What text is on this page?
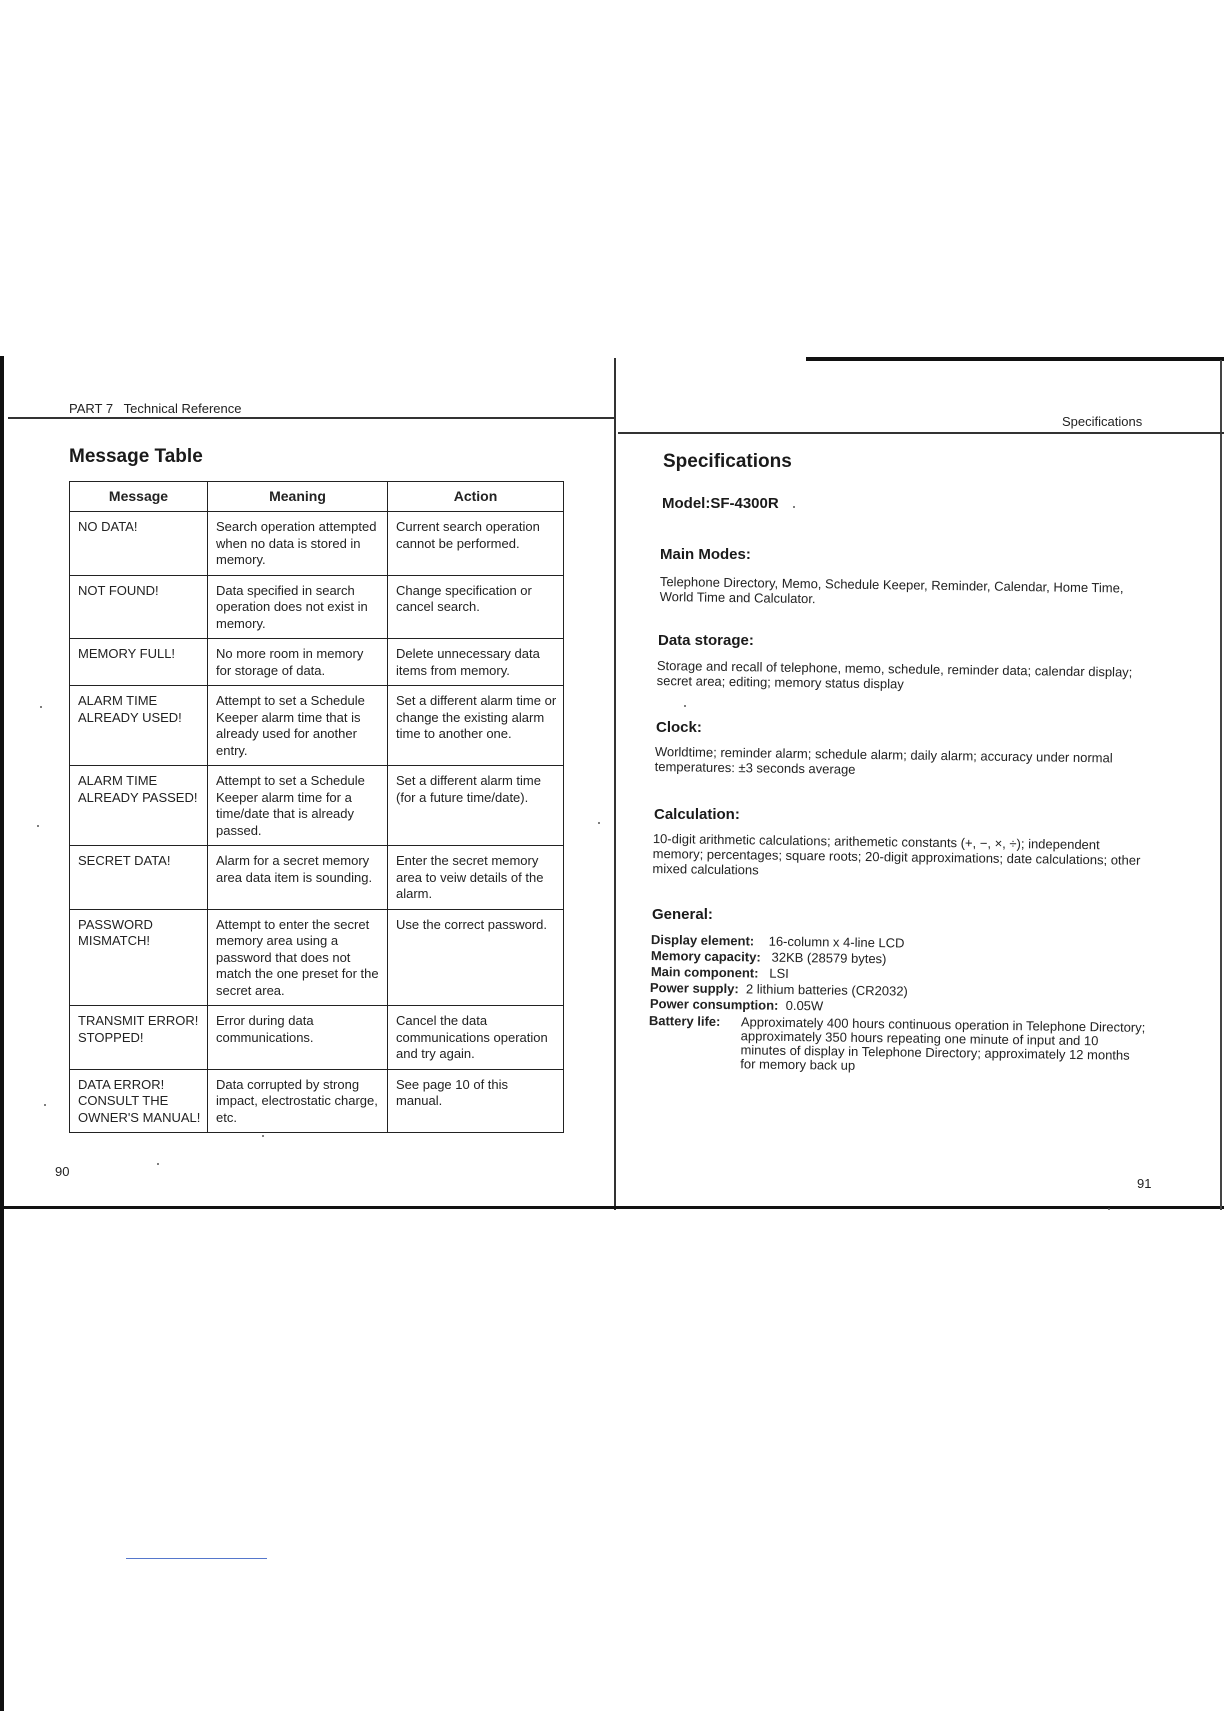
PART 7   Technical Reference
Message Table
Message	Meaning	Action
NO DATA!	Search operation attempted when no data is stored in memory.	Current search operation cannot be performed.
NOT FOUND!	Data specified in search operation does not exist in memory.	Change specification or cancel search.
MEMORY FULL!	No more room in memory for storage of data.	Delete unnecessary data items from memory.
ALARM TIME ALREADY USED!	Attempt to set a Schedule Keeper alarm time that is already used for another entry.	Set a different alarm time or change the existing alarm time to another one.
ALARM TIME ALREADY PASSED!	Attempt to set a Schedule Keeper alarm time for a time/date that is already passed.	Set a different alarm time (for a future time/date).
SECRET DATA!	Alarm for a secret memory area data item is sounding.	Enter the secret memory area to veiw details of the alarm.
PASSWORD MISMATCH!	Attempt to enter the secret memory area using a password that does not match the one preset for the secret area.	Use the correct password.
TRANSMIT ERROR! STOPPED!	Error during data communications.	Cancel the data communications operation and try again.
DATA ERROR! CONSULT THE OWNER'S MANUAL!	Data corrupted by strong impact, electrostatic charge, etc.	See page 10 of this manual.
90
Specifications
Specifications
Model:SF-4300R
Main Modes:
Telephone Directory, Memo, Schedule Keeper, Reminder, Calendar, Home Time, World Time and Calculator.
Data storage:
Storage and recall of telephone, memo, schedule, reminder data; calendar display; secret area; editing; memory status display
Clock:
Worldtime; reminder alarm; schedule alarm; daily alarm; accuracy under normal temperatures: ±3 seconds average
Calculation:
10-digit arithmetic calculations; arithemetic constants (+, −, ×, ÷); independent memory; percentages; square roots; 20-digit approximations; date calculations; other mixed calculations
General:
Display element: 16-column x 4-line LCD
Memory capacity: 32KB (28579 bytes)
Main component: LSI
Power supply: 2 lithium batteries (CR2032)
Power consumption: 0.05W
Battery life: Approximately 400 hours continuous operation in Telephone Directory; approximately 350 hours repeating one minute of input and 10 minutes of display in Telephone Directory; approximately 12 months for memory back up
91
